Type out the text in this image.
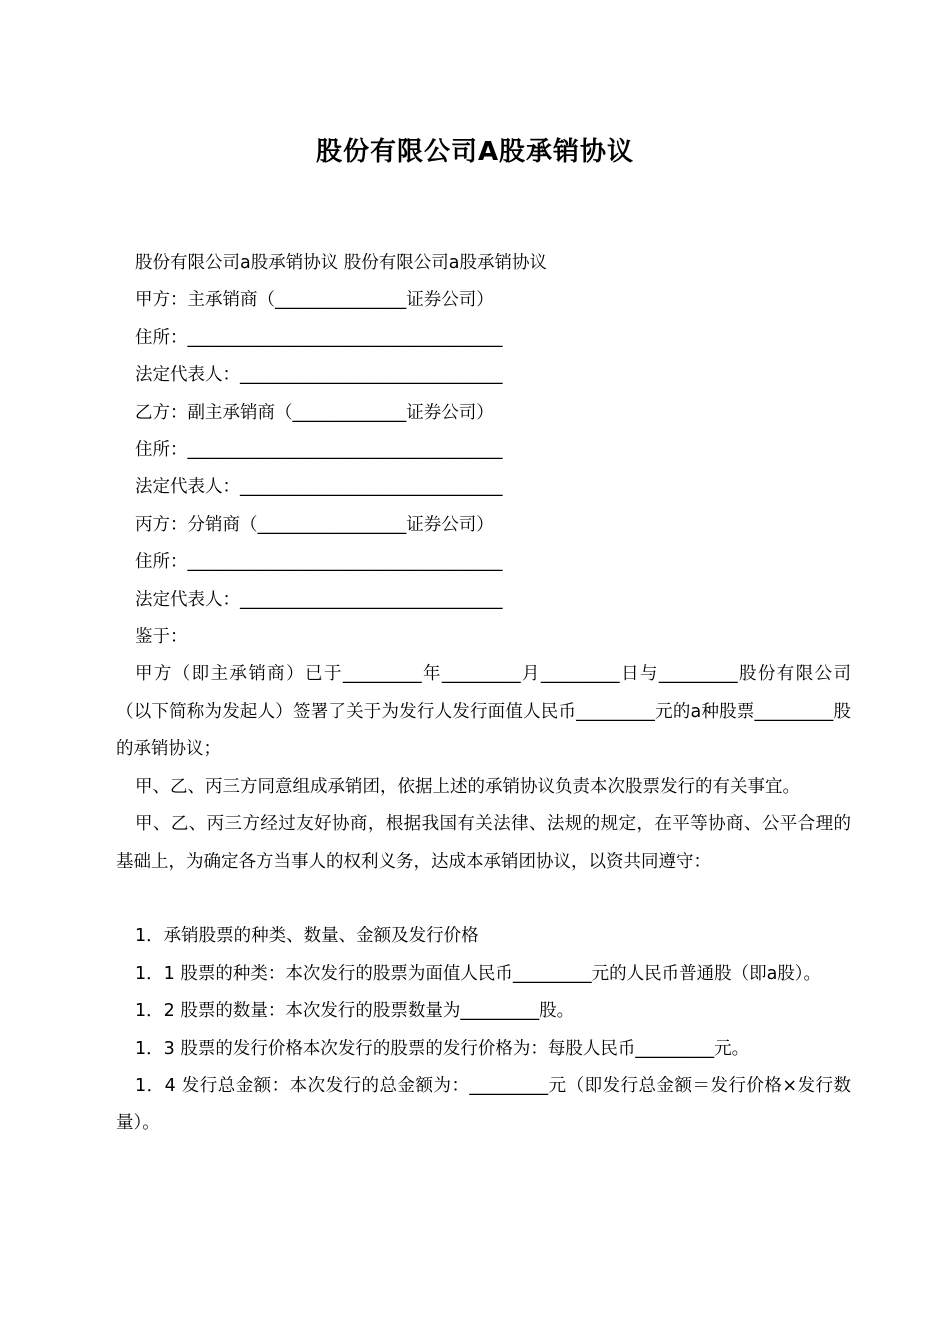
股份有限公司A股承销协议
股份有限公司a股承销协议 股份有限公司a股承销协议
甲方：主承销商（_______________证券公司）
住所：____________________________________
法定代表人：______________________________
乙方：副主承销商（_____________证券公司）
住所：____________________________________
法定代表人：______________________________
丙方：分销商（_________________证券公司）
住所：____________________________________
法定代表人：______________________________
鉴于：
甲方（即主承销商）已于_________年_________月_________日与_________股份有限公司（以下简称为发起人）签署了关于为发行人发行面值人民币_________元的a种股票_________股的承销协议；
甲、乙、丙三方同意组成承销团，依据上述的承销协议负责本次股票发行的有关事宜。
甲、乙、丙三方经过友好协商，根据我国有关法律、法规的规定，在平等协商、公平合理的基础上，为确定各方当事人的权利义务，达成本承销团协议，以资共同遵守：
1．承销股票的种类、数量、金额及发行价格
1．1 股票的种类：本次发行的股票为面值人民币_________元的人民币普通股（即a股）。
1．2 股票的数量：本次发行的股票数量为_________股。
1．3 股票的发行价格本次发行的股票的发行价格为：每股人民币_________元。
1．4 发行总金额：本次发行的总金额为：_________元（即发行总金额＝发行价格×发行数量）。
